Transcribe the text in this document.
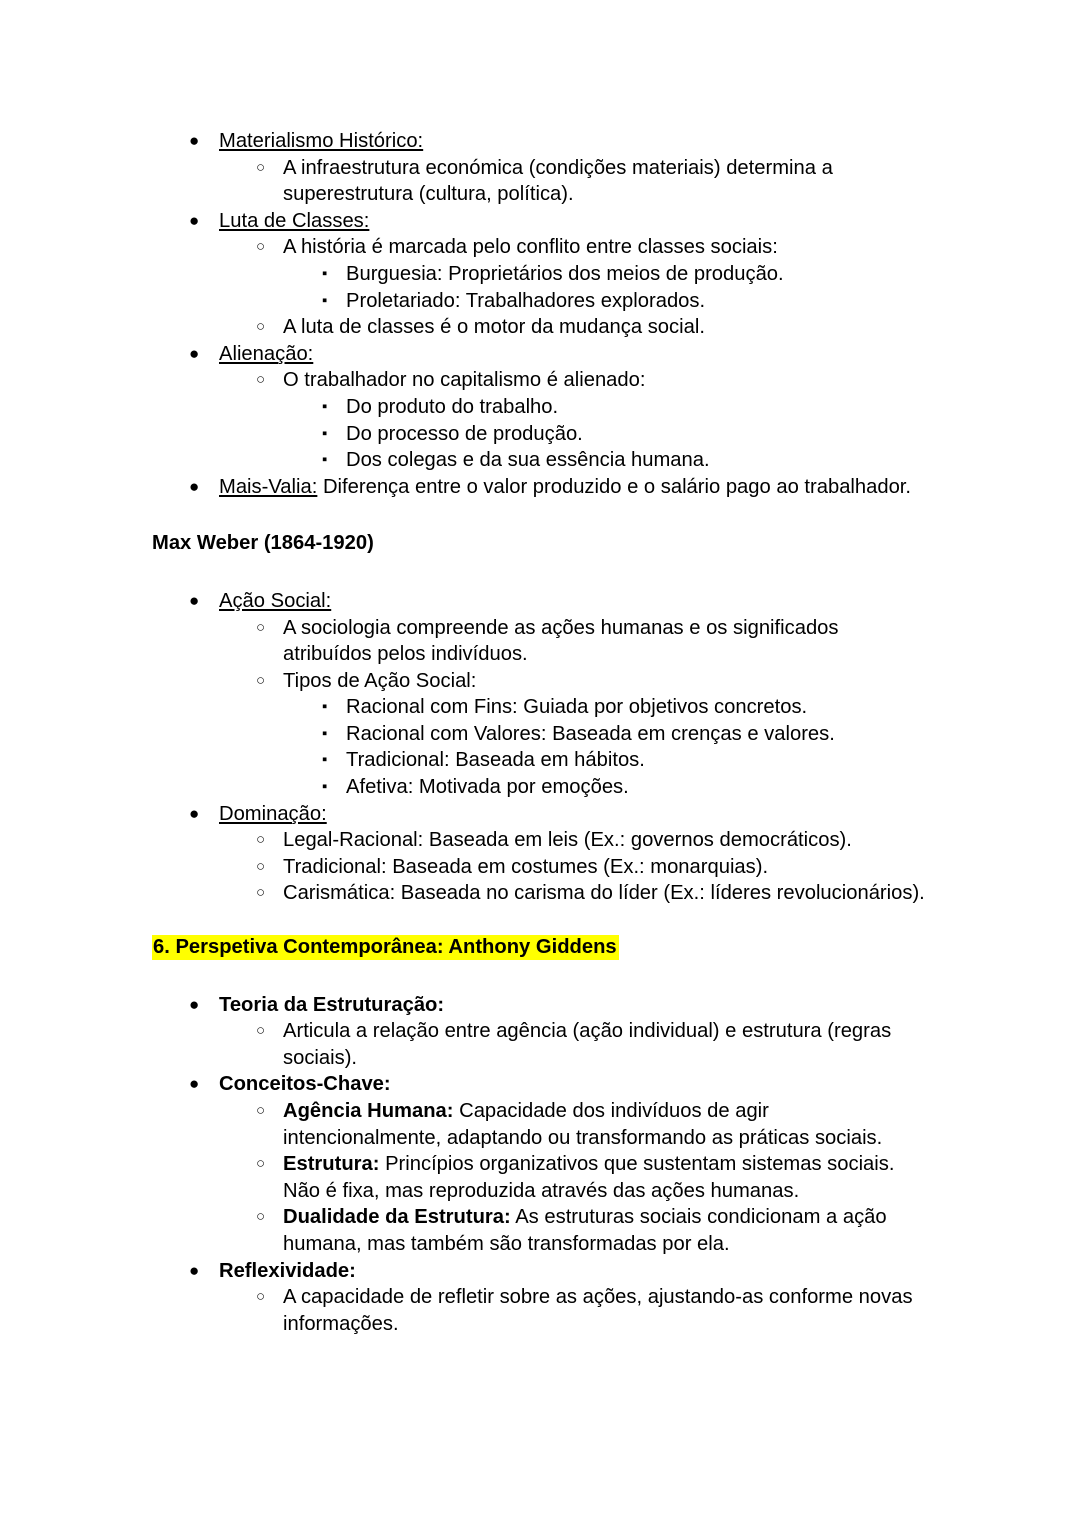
● Materialismo Histórico:
○ A infraestrutura económica (condições materiais) determina a superestrutura (cultura, política).
● Luta de Classes:
○ A história é marcada pelo conflito entre classes sociais:
▪ Burguesia: Proprietários dos meios de produção.
▪ Proletariado: Trabalhadores explorados.
○ A luta de classes é o motor da mudança social.
● Alienação:
○ O trabalhador no capitalismo é alienado:
▪ Do produto do trabalho.
▪ Do processo de produção.
▪ Dos colegas e da sua essência humana.
● Mais-Valia: Diferença entre o valor produzido e o salário pago ao trabalhador.
Max Weber (1864-1920)
● Ação Social:
○ A sociologia compreende as ações humanas e os significados atribuídos pelos indivíduos.
○ Tipos de Ação Social:
▪ Racional com Fins: Guiada por objetivos concretos.
▪ Racional com Valores: Baseada em crenças e valores.
▪ Tradicional: Baseada em hábitos.
▪ Afetiva: Motivada por emoções.
● Dominação:
○ Legal-Racional: Baseada em leis (Ex.: governos democráticos).
○ Tradicional: Baseada em costumes (Ex.: monarquias).
○ Carismática: Baseada no carisma do líder (Ex.: líderes revolucionários).
6. Perspetiva Contemporânea: Anthony Giddens
● Teoria da Estruturação:
○ Articula a relação entre agência (ação individual) e estrutura (regras sociais).
● Conceitos-Chave:
○ Agência Humana: Capacidade dos indivíduos de agir intencionalmente, adaptando ou transformando as práticas sociais.
○ Estrutura: Princípios organizativos que sustentam sistemas sociais. Não é fixa, mas reproduzida através das ações humanas.
○ Dualidade da Estrutura: As estruturas sociais condicionam a ação humana, mas também são transformadas por ela.
● Reflexividade:
○ A capacidade de refletir sobre as ações, ajustando-as conforme novas informações.
